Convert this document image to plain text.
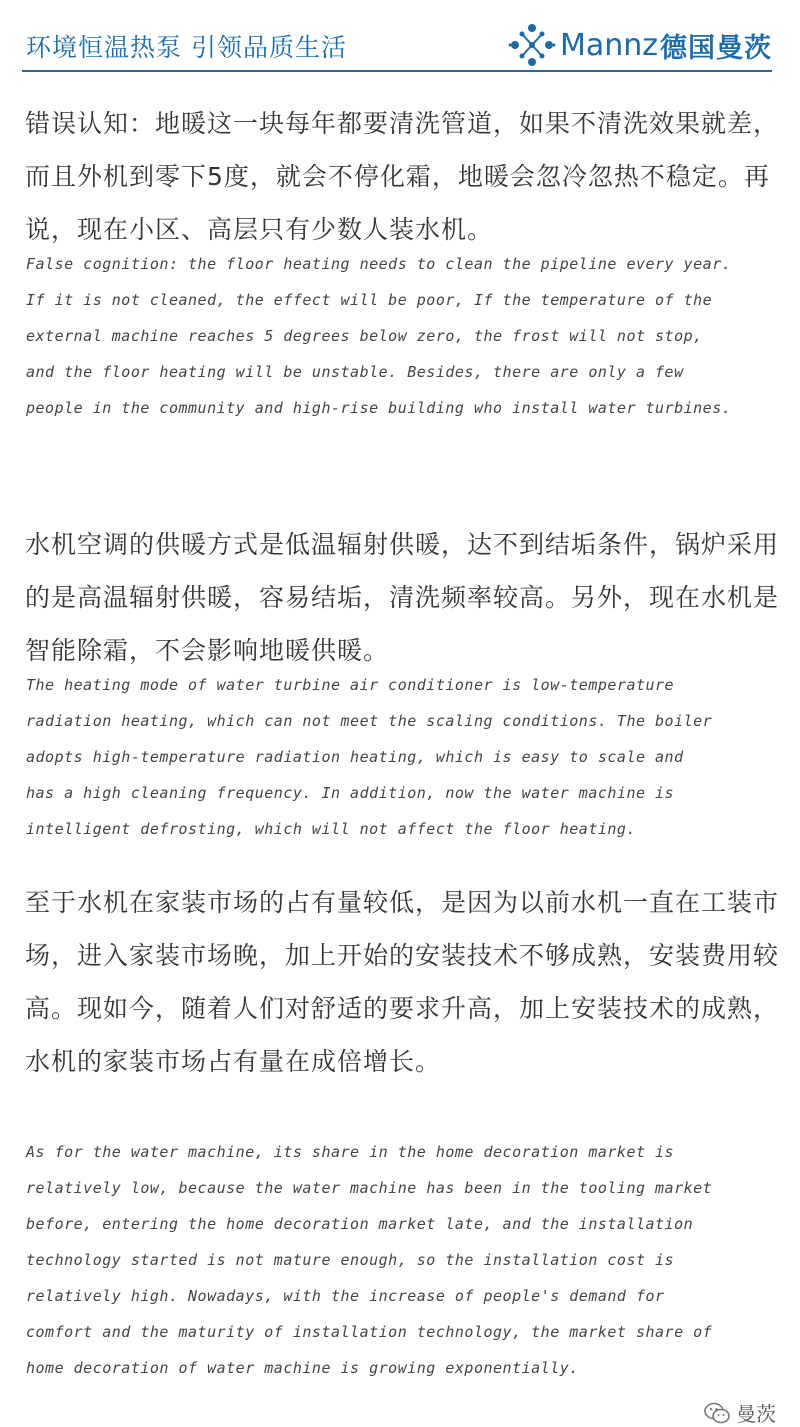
环境恒温热泵 引领品质生活	Mannz 德国曼茨
错误认知：地暖这一块每年都要清洗管道，如果不清洗效果就差，而且外机到零下5度，就会不停化霜，地暖会忽冷忽热不稳定。再说，现在小区、高层只有少数人装水机。
False cognition: the floor heating needs to clean the pipeline every year.
If it is not cleaned, the effect will be poor, If the temperature of the
external machine reaches 5 degrees below zero, the frost will not stop,
and the floor heating will be unstable. Besides, there are only a few
people in the community and high-rise building who install water turbines.
水机空调的供暖方式是低温辐射供暖，达不到结垢条件，锅炉采用的是高温辐射供暖，容易结垢，清洗频率较高。另外，现在水机是智能除霜，不会影响地暖供暖。
The heating mode of water turbine air conditioner is low-temperature
radiation heating, which can not meet the scaling conditions. The boiler
adopts high-temperature radiation heating, which is easy to scale and
has a high cleaning frequency. In addition, now the water machine is
intelligent defrosting, which will not affect the floor heating.
至于水机在家装市场的占有量较低，是因为以前水机一直在工装市场，进入家装市场晚，加上开始的安装技术不够成熟，安装费用较高。现如今，随着人们对舒适的要求升高，加上安装技术的成熟，水机的家装市场占有量在成倍增长。
As for the water machine, its share in the home decoration market is
relatively low, because the water machine has been in the tooling market
before, entering the home decoration market late, and the installation
technology started is not mature enough, so the installation cost is
relatively high. Nowadays, with the increase of people's demand for
comfort and the maturity of installation technology, the market share of
home decoration of water machine is growing exponentially.
曼茨
